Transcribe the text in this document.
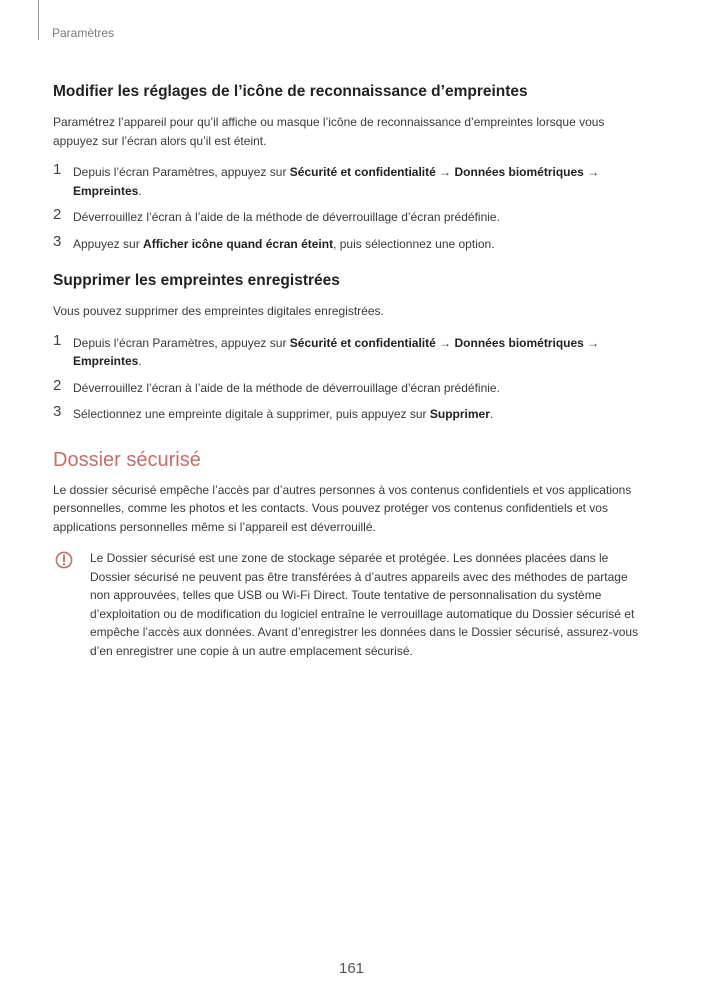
Paramètres
Modifier les réglages de l’icône de reconnaissance d’empreintes

Paramétrez l’appareil pour qu’il affiche ou masque l’icône de reconnaissance d’empreintes lorsque vous appuyez sur l’écran alors qu’il est éteint.

1 Depuis l’écran Paramètres, appuyez sur Sécurité et confidentialité → Données biométriques → Empreintes.
2 Déverrouillez l’écran à l’aide de la méthode de déverrouillage d’écran prédéfinie.
3 Appuyez sur Afficher icône quand écran éteint, puis sélectionnez une option.
Supprimer les empreintes enregistrées

Vous pouvez supprimer des empreintes digitales enregistrées.

1 Depuis l’écran Paramètres, appuyez sur Sécurité et confidentialité → Données biométriques → Empreintes.
2 Déverrouillez l’écran à l’aide de la méthode de déverrouillage d’écran prédéfinie.
3 Sélectionnez une empreinte digitale à supprimer, puis appuyez sur Supprimer.
Dossier sécurisé

Le dossier sécurisé empêche l’accès par d’autres personnes à vos contenus confidentiels et vos applications personnelles, comme les photos et les contacts. Vous pouvez protéger vos contenus confidentiels et vos applications personnelles même si l’appareil est déverrouillé.

Le Dossier sécurisé est une zone de stockage séparée et protégée. Les données placées dans le Dossier sécurisé ne peuvent pas être transférées à d’autres appareils avec des méthodes de partage non approuvées, telles que USB ou Wi-Fi Direct. Toute tentative de personnalisation du système d’exploitation ou de modification du logiciel entraîne le verrouillage automatique du Dossier sécurisé et empêche l’accès aux données. Avant d’enregistrer les données dans le Dossier sécurisé, assurez-vous d’en enregistrer une copie à un autre emplacement sécurisé.
161
